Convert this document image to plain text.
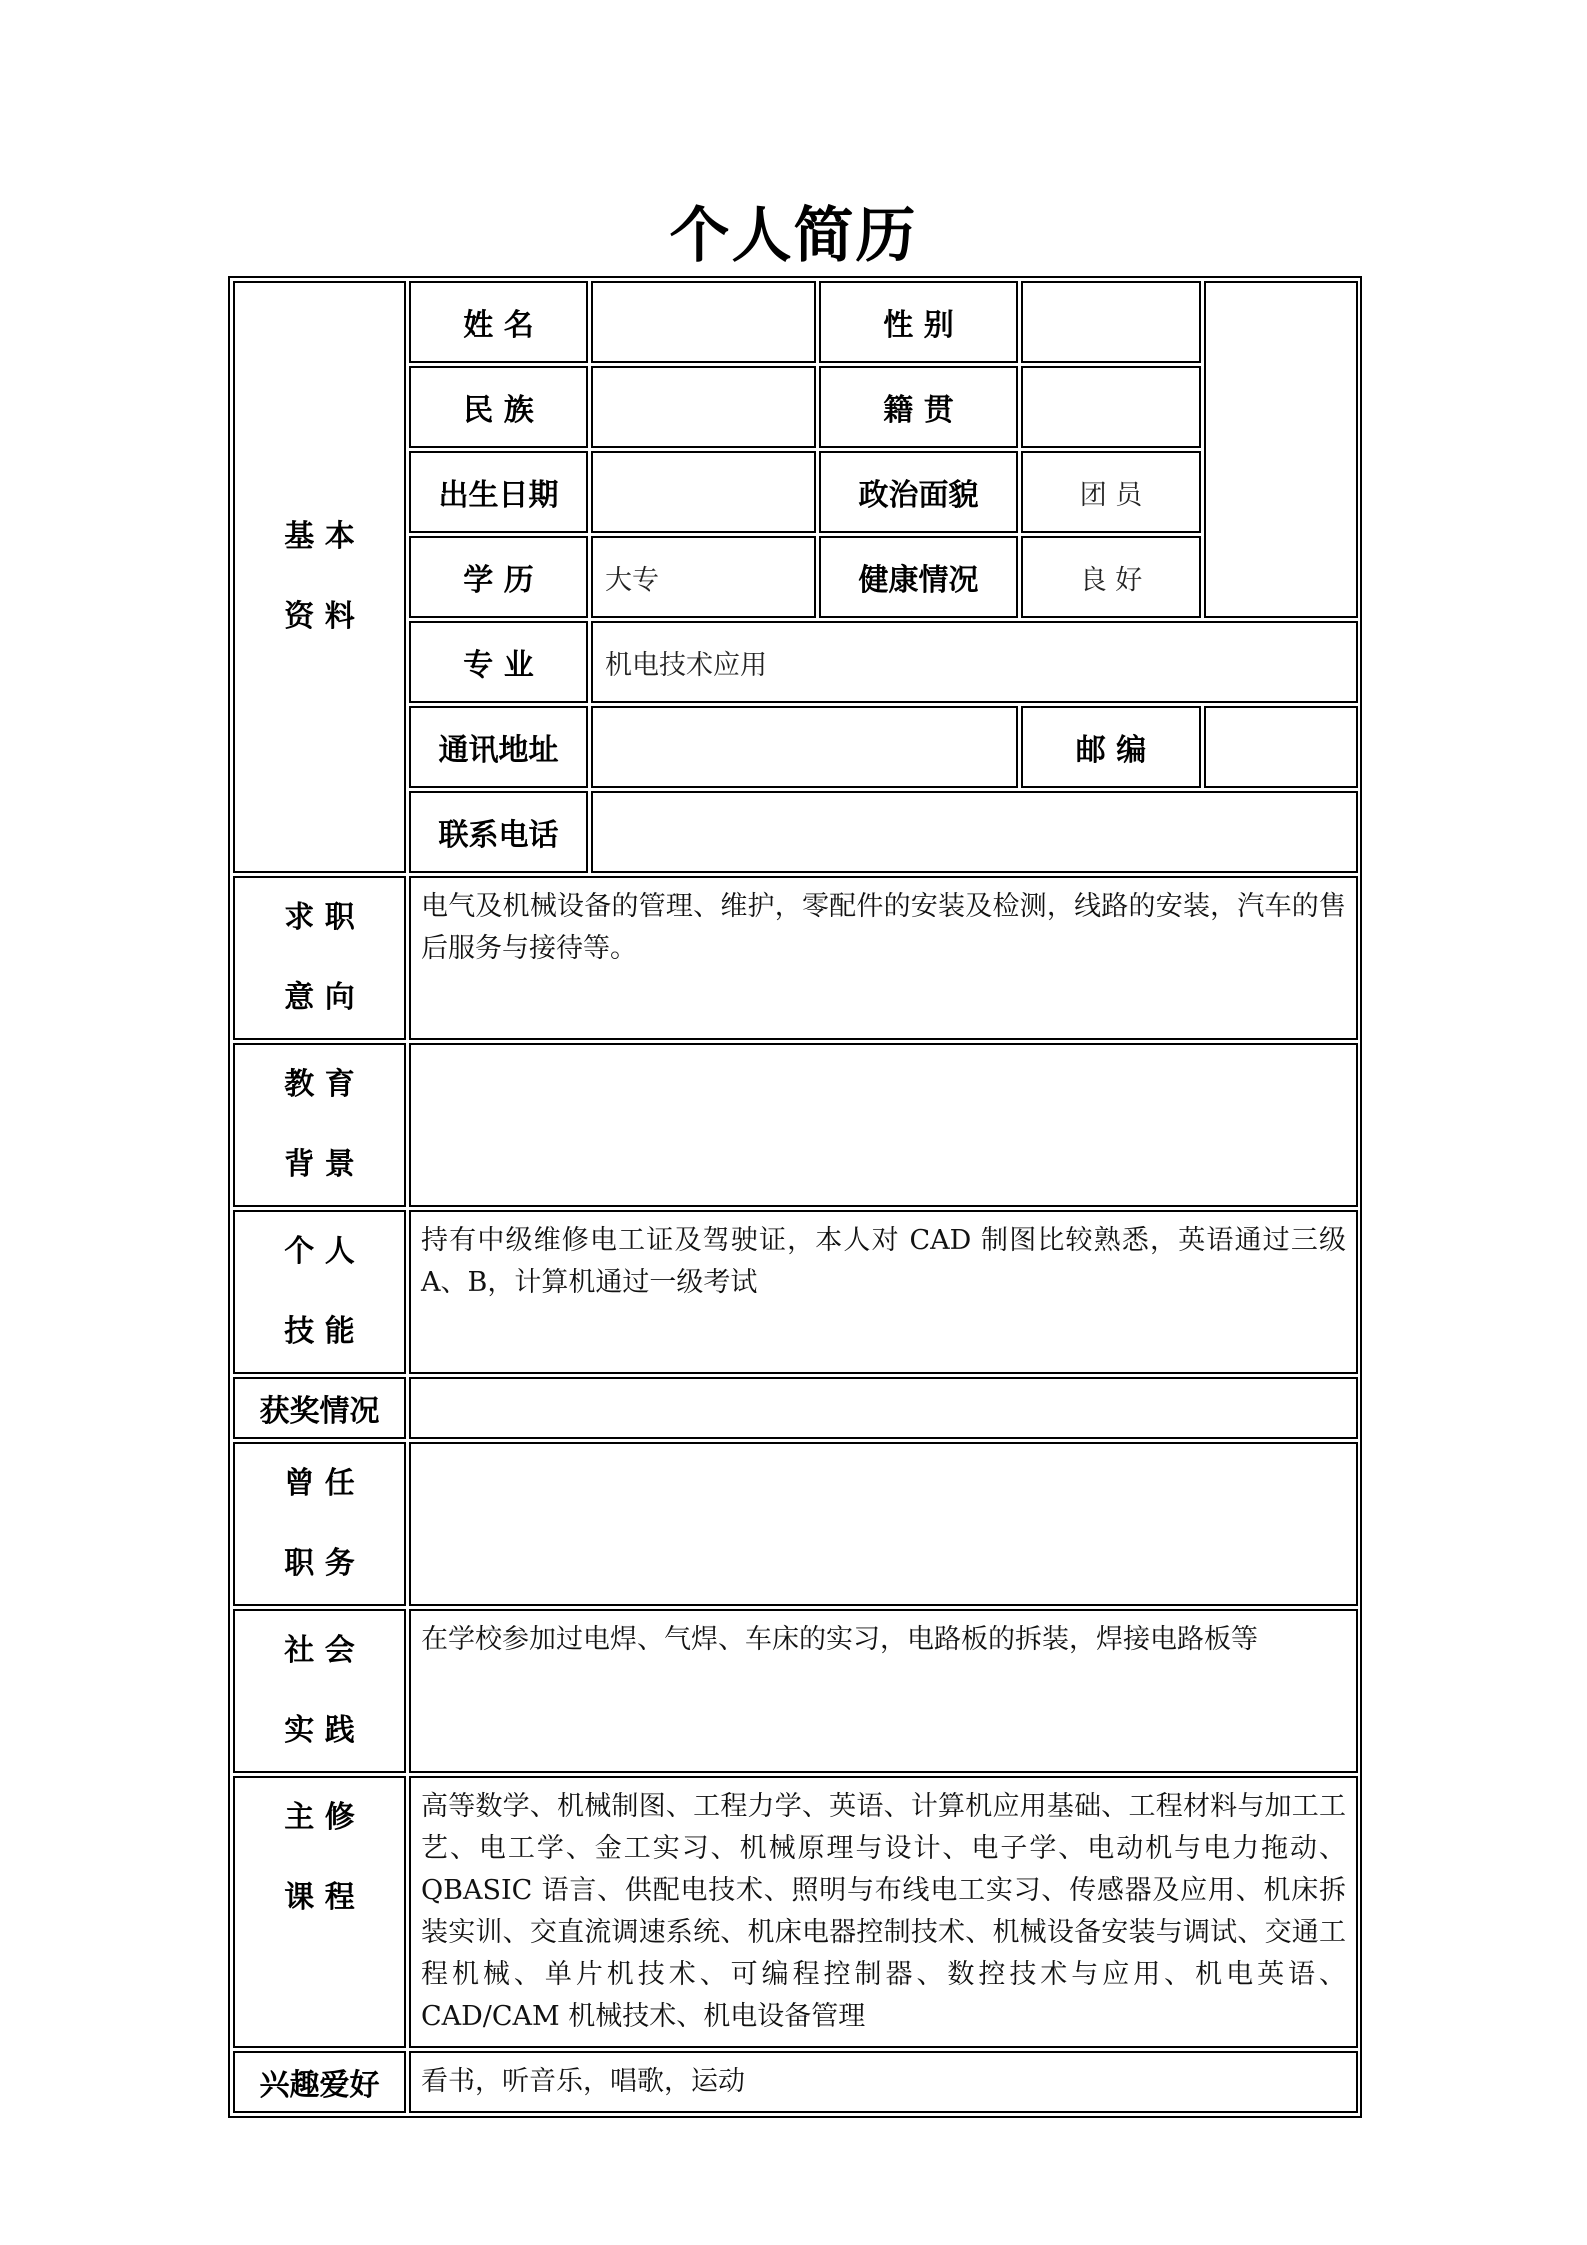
个人简历
基 本
资 料	姓 名		性 别		
	民 族		籍 贯		
	出生日期		政治面貌	团 员	
	学 历	大专	健康情况	良 好	
	专 业	机电技术应用			
	通讯地址			邮 编	
	联系电话				

求 职
意 向	电气及机械设备的管理、维护，零配件的安装及检测，线路的安装，汽车的售后服务与接待等。				

教 育
背 景					

个 人
技 能	持有中级维修电工证及驾驶证，本人对 CAD 制图比较熟悉，英语通过三级 A、B，计算机通过一级考试				
获奖情况					

曾 任
职 务					

社 会
实 践	在学校参加过电焊、气焊、车床的实习，电路板的拆装，焊接电路板等				

主 修
课 程	高等数学、机械制图、工程力学、英语、计算机应用基础、工程材料与加工工艺、电工学、金工实习、机械原理与设计、电子学、电动机与电力拖动、QBASIC 语言、供配电技术、照明与布线电工实习、传感器及应用、机床拆装实训、交直流调速系统、机床电器控制技术、机械设备安装与调试、交通工程机械、单片机技术、可编程控制器、数控技术与应用、机电英语、CAD/CAM 机械技术、机电设备管理				
兴趣爱好	看书，听音乐，唱歌，运动				
